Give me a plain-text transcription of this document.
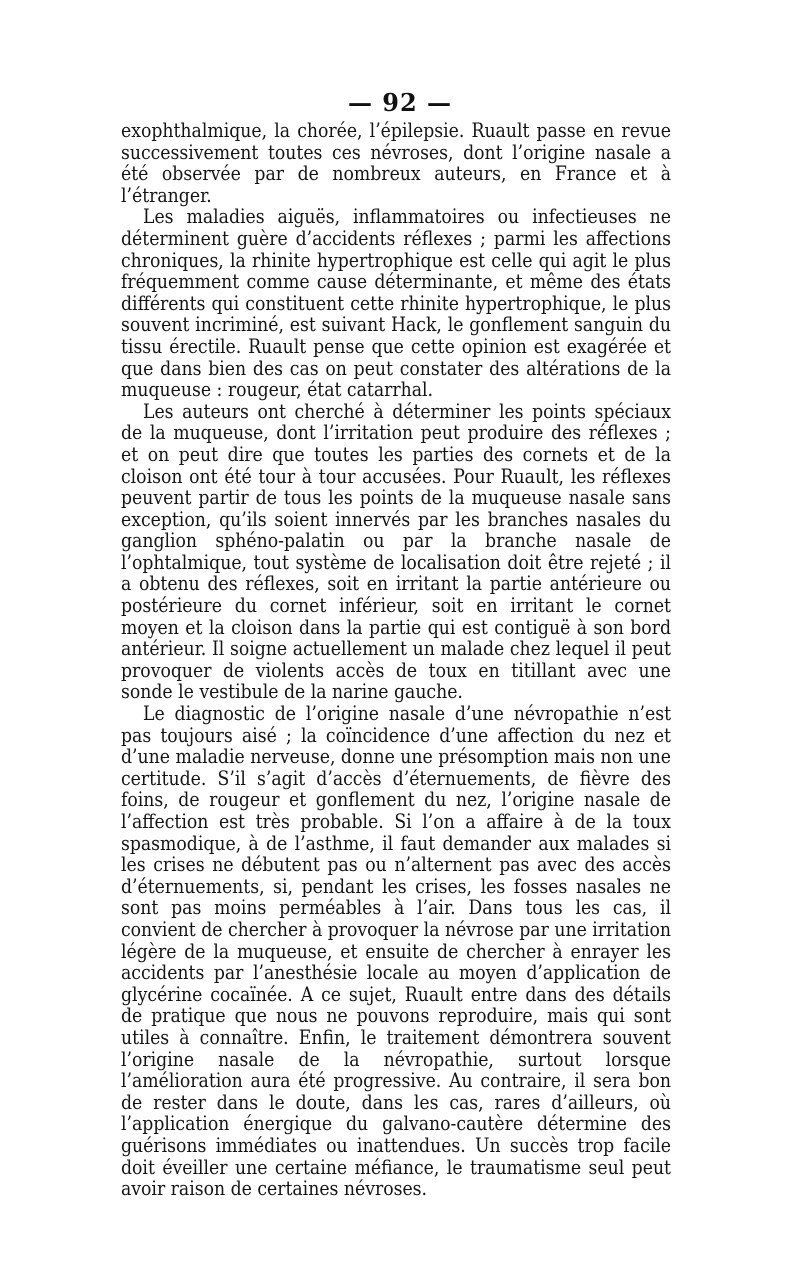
— 92 —

exophthalmique, la chorée, l’épilepsie. Ruault passe en revue successivement toutes ces névroses, dont l’origine nasale a été observée par de nombreux auteurs, en France et à l’étranger.

Les maladies aiguës, inflammatoires ou infectieuses ne déterminent guère d’accidents réflexes ; parmi les affections chroniques, la rhinite hypertrophique est celle qui agit le plus fréquemment comme cause déterminante, et même des états différents qui constituent cette rhinite hypertrophique, le plus souvent incriminé, est suivant Hack, le gonflement sanguin du tissu érectile. Ruault pense que cette opinion est exagérée et que dans bien des cas on peut constater des altérations de la muqueuse : rougeur, état catarrhal.

Les auteurs ont cherché à déterminer les points spéciaux de la muqueuse, dont l’irritation peut produire des réflexes ; et on peut dire que toutes les parties des cornets et de la cloison ont été tour à tour accusées. Pour Ruault, les réflexes peuvent partir de tous les points de la muqueuse nasale sans exception, qu’ils soient innervés par les branches nasales du ganglion sphéno-palatin ou par la branche nasale de l’ophtalmique, tout système de localisation doit être rejeté ; il a obtenu des réflexes, soit en irritant la partie antérieure ou postérieure du cornet inférieur, soit en irritant le cornet moyen et la cloison dans la partie qui est contiguë à son bord antérieur. Il soigne actuellement un malade chez lequel il peut provoquer de violents accès de toux en titillant avec une sonde le vestibule de la narine gauche.

Le diagnostic de l’origine nasale d’une névropathie n’est pas toujours aisé ; la coïncidence d’une affection du nez et d’une maladie nerveuse, donne une présomption mais non une certitude. S’il s’agit d’accès d’éternuements, de fièvre des foins, de rougeur et gonflement du nez, l’origine nasale de l’affection est très probable. Si l’on a affaire à de la toux spasmodique, à de l’asthme, il faut demander aux malades si les crises ne débutent pas ou n’alternent pas avec des accès d’éternuements, si, pendant les crises, les fosses nasales ne sont pas moins perméables à l’air. Dans tous les cas, il convient de chercher à provoquer la névrose par une irritation légère de la muqueuse, et ensuite de chercher à enrayer les accidents par l’anesthésie locale au moyen d’application de glycérine cocaïnée. A ce sujet, Ruault entre dans des détails de pratique que nous ne pouvons reproduire, mais qui sont utiles à connaître. Enfin, le traitement démontrera souvent l’origine nasale de la névropathie, surtout lorsque l’amélioration aura été progressive. Au contraire, il sera bon de rester dans le doute, dans les cas, rares d’ailleurs, où l’application énergique du galvano-cautère détermine des guérisons immédiates ou inattendues. Un succès trop facile doit éveiller une certaine méfiance, le traumatisme seul peut avoir raison de certaines névroses.
